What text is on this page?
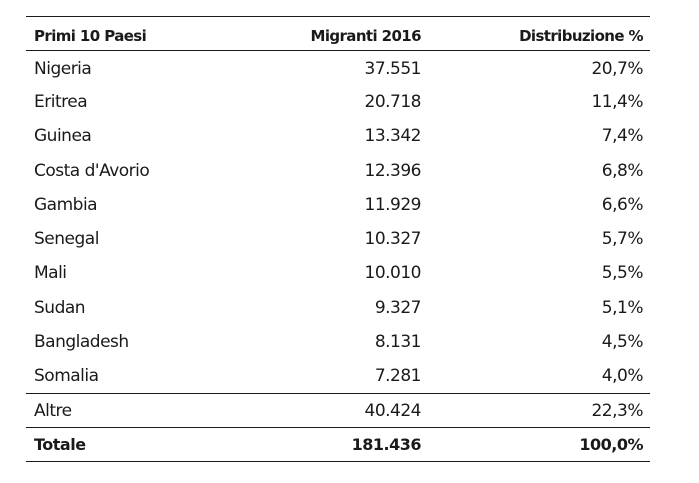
Primi 10 Paesi	Migranti 2016	Distribuzione %
Nigeria	37.551	20,7%
Eritrea	20.718	11,4%
Guinea	13.342	7,4%
Costa d'Avorio	12.396	6,8%
Gambia	11.929	6,6%
Senegal	10.327	5,7%
Mali	10.010	5,5%
Sudan	9.327	5,1%
Bangladesh	8.131	4,5%
Somalia	7.281	4,0%
Altre	40.424	22,3%
Totale	181.436	100,0%
